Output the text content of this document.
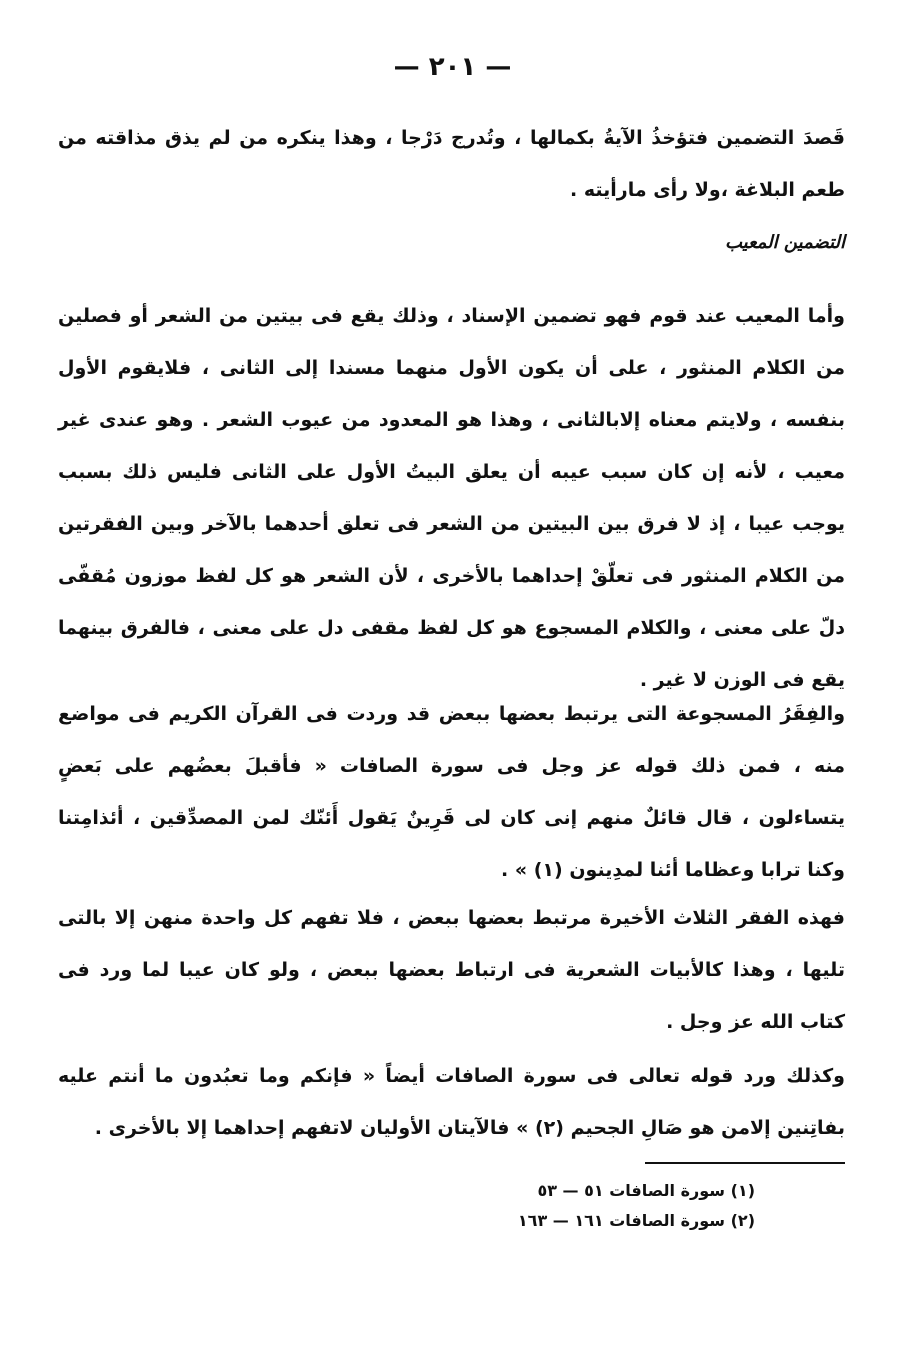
— ٢٠١ —

قَصدَ التضمين فتؤخذُ الآيةُ بكمالها ، وتُدرج دَرْجا ، وهذا ينكره من لم يذق مذاقته من طعم البلاغة ،ولا رأى مارأيته .

التضمين المعيب

وأما المعيب عند قوم فهو تضمين الإسناد ، وذلك يقع فى بيتين من الشعر أو فصلين من الكلام المنثور ، على أن يكون الأول منهما مسندا إلى الثانى ، فلايقوم الأول بنفسه ، ولايتم معناه إلابالثانى ، وهذا هو المعدود من عيوب الشعر . وهو عندى غير معيب ، لأنه إن كان سبب عيبه أن يعلق البيتُ الأول على الثانى فليس ذلك بسبب يوجب عيبا ، إذ لا فرق بين البيتين من الشعر فى تعلق أحدهما بالآخر وبين الفقرتين من الكلام المنثور فى تعلّقْ إحداهما بالأخرى ، لأن الشعر هو كل لفظ موزون مُقفّى دلّ على معنى ، والكلام المسجوع هو كل لفظ مقفى دل على معنى ، فالفرق بينهما يقع فى الوزن لا غير .

والفِقَرُ المسجوعة التى يرتبط بعضها ببعض قد وردت فى القرآن الكريم فى مواضع منه ، فمن ذلك قوله عز وجل فى سورة الصافات « فأقبلَ بعضُهم على بَعضٍ يتساءلون ، قال قائلٌ منهم إنى كان لى قَرِينٌ يَقول أَئنّك لمن المصدِّقين ، أئذامِتنا وكنا ترابا وعظاما أئنا لمدِينون (١) » .

فهذه الفقر الثلاث الأخيرة مرتبط بعضها ببعض ، فلا تفهم كل واحدة منهن إلا بالتى تليها ، وهذا كالأبيات الشعرية فى ارتباط بعضها ببعض ، ولو كان عيبا لما ورد فى كتاب الله عز وجل .

وكذلك ورد قوله تعالى فى سورة الصافات أيضاً « فإنكم وما تعبُدون ما أنتم عليه بفاتِنين إلامن هو صَالِ الجحيم (٢) » فالآيتان الأوليان لاتفهم إحداهما إلا بالأخرى .

(١) سورة الصافات ٥١ — ٥٣
(٢) سورة الصافات ١٦١ — ١٦٣
